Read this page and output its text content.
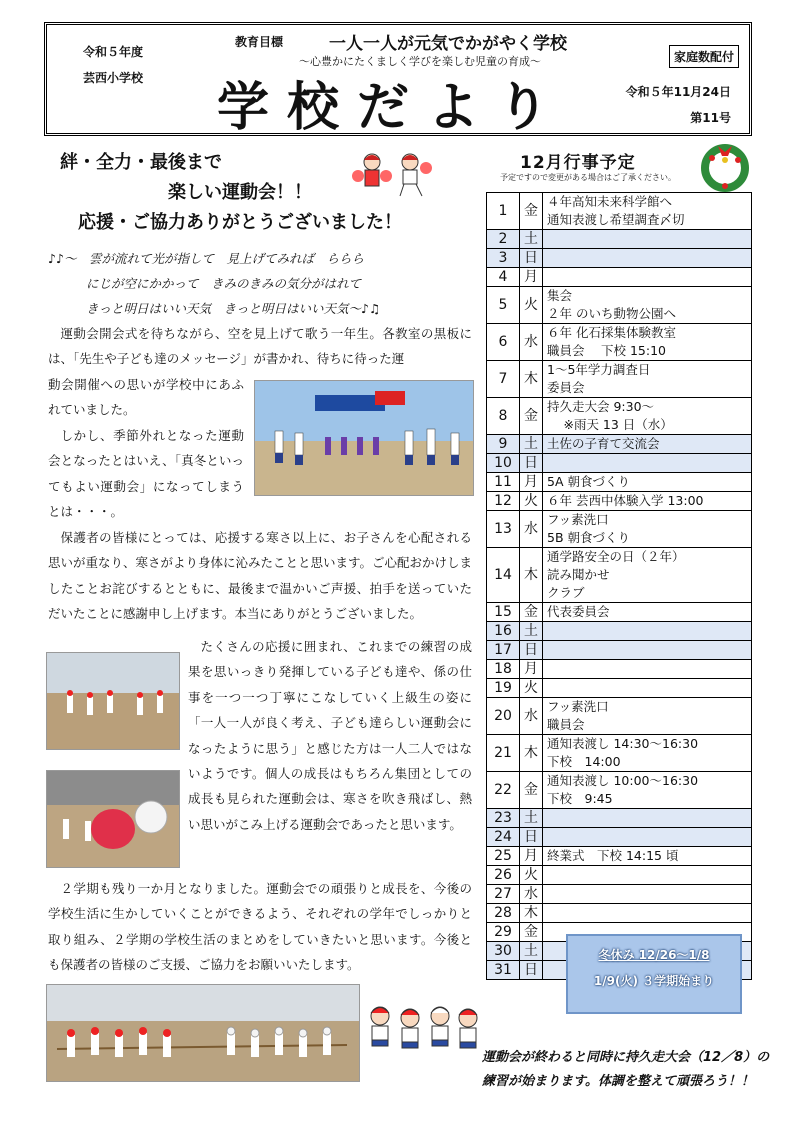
令和５年度
芸西小学校
教育目標	一人一人が元気でかがやく学校
～心豊かにたくましく学びを楽しむ児童の育成～
学校だより
家庭数配付
令和５年11月24日
第11号
絆・全力・最後まで
楽しい運動会！！
応援・ご協力ありがとうございました！
♪♪～　雲が流れて光が指して　見上げてみれば　ららら
にじが空にかかって　きみのきみの気分がはれて
きっと明日はいい天気　きっと明日はいい天気～♪♫
運動会開会式を待ちながら、空を見上げて歌う一年生。各教室の黒板には、「先生や子ども達のメッセージ」が書かれ、待ちに待った運
動会開催への思いが学校中にあふれていました。
しかし、季節外れとなった運動会となったとはいえ、「真冬といってもよい運動会」になってしまうとは・・・。
保護者の皆様にとっては、応援する寒さ以上に、お子さんを心配される思いが重なり、寒さがより身体に沁みたことと思います。ご心配おかけしましたことお詫びするとともに、最後まで温かいご声援、拍手を送っていただいたことに感謝申し上げます。本当にありがとうございました。
たくさんの応援に囲まれ、これまでの練習の成果を思いっきり発揮している子ども達や、係の仕事を一つ一つ丁寧にこなしていく上級生の姿に「一人一人が良く考え、子ども達らしい運動会になったように思う」と感じた方は一人二人ではないようです。個人の成長はもちろん集団としての成長も見られた運動会は、寒さを吹き飛ばし、熱い思いがこみ上げる運動会であったと思います。
２学期も残り一か月となりました。運動会での頑張りと成長を、今後の学校生活に生かしていくことができるよう、それぞれの学年でしっかりと取り組み、２学期の学校生活のまとめをしていきたいと思います。今後とも保護者の皆様のご支援、ご協力をお願いいたします。
12月行事予定
予定ですので変更がある場合はご了承ください。
1	金	４年高知未来科学館へ
通知表渡し希望調査〆切

2	土	

3	日	

4	月	

5	火	集会
２年 のいち動物公園へ

6	水	６年 化石採集体験教室
職員会　 下校 15:10

7	木	1～5年学力調査日
委員会

8	金	持久走大会 9:30～
　 ※雨天 13 日（水）

9	土	土佐の子育て交流会

10	日	

11	月	5A 朝食づくり

12	火	６年 芸西中体験入学 13:00

13	水	フッ素洗口
5B 朝食づくり

14	木	通学路安全の日（２年）
読み聞かせ
クラブ

15	金	代表委員会

16	土	

17	日	

18	月	

19	火	

20	水	フッ素洗口
職員会

21	木	通知表渡し 14:30～16:30
下校　14:00

22	金	通知表渡し 10:00～16:30
下校　9:45

23	土	

24	日	

25	月	終業式　下校 14:15 頃

26	火	

27	水	

28	木	

29	金	

30	土	

31	日	
冬休み 12/26～1/8
1/9(火) ３学期始まり
運動会が終わると同時に持久走大会（12／8）の
練習が始まります。体調を整えて頑張ろう！！
